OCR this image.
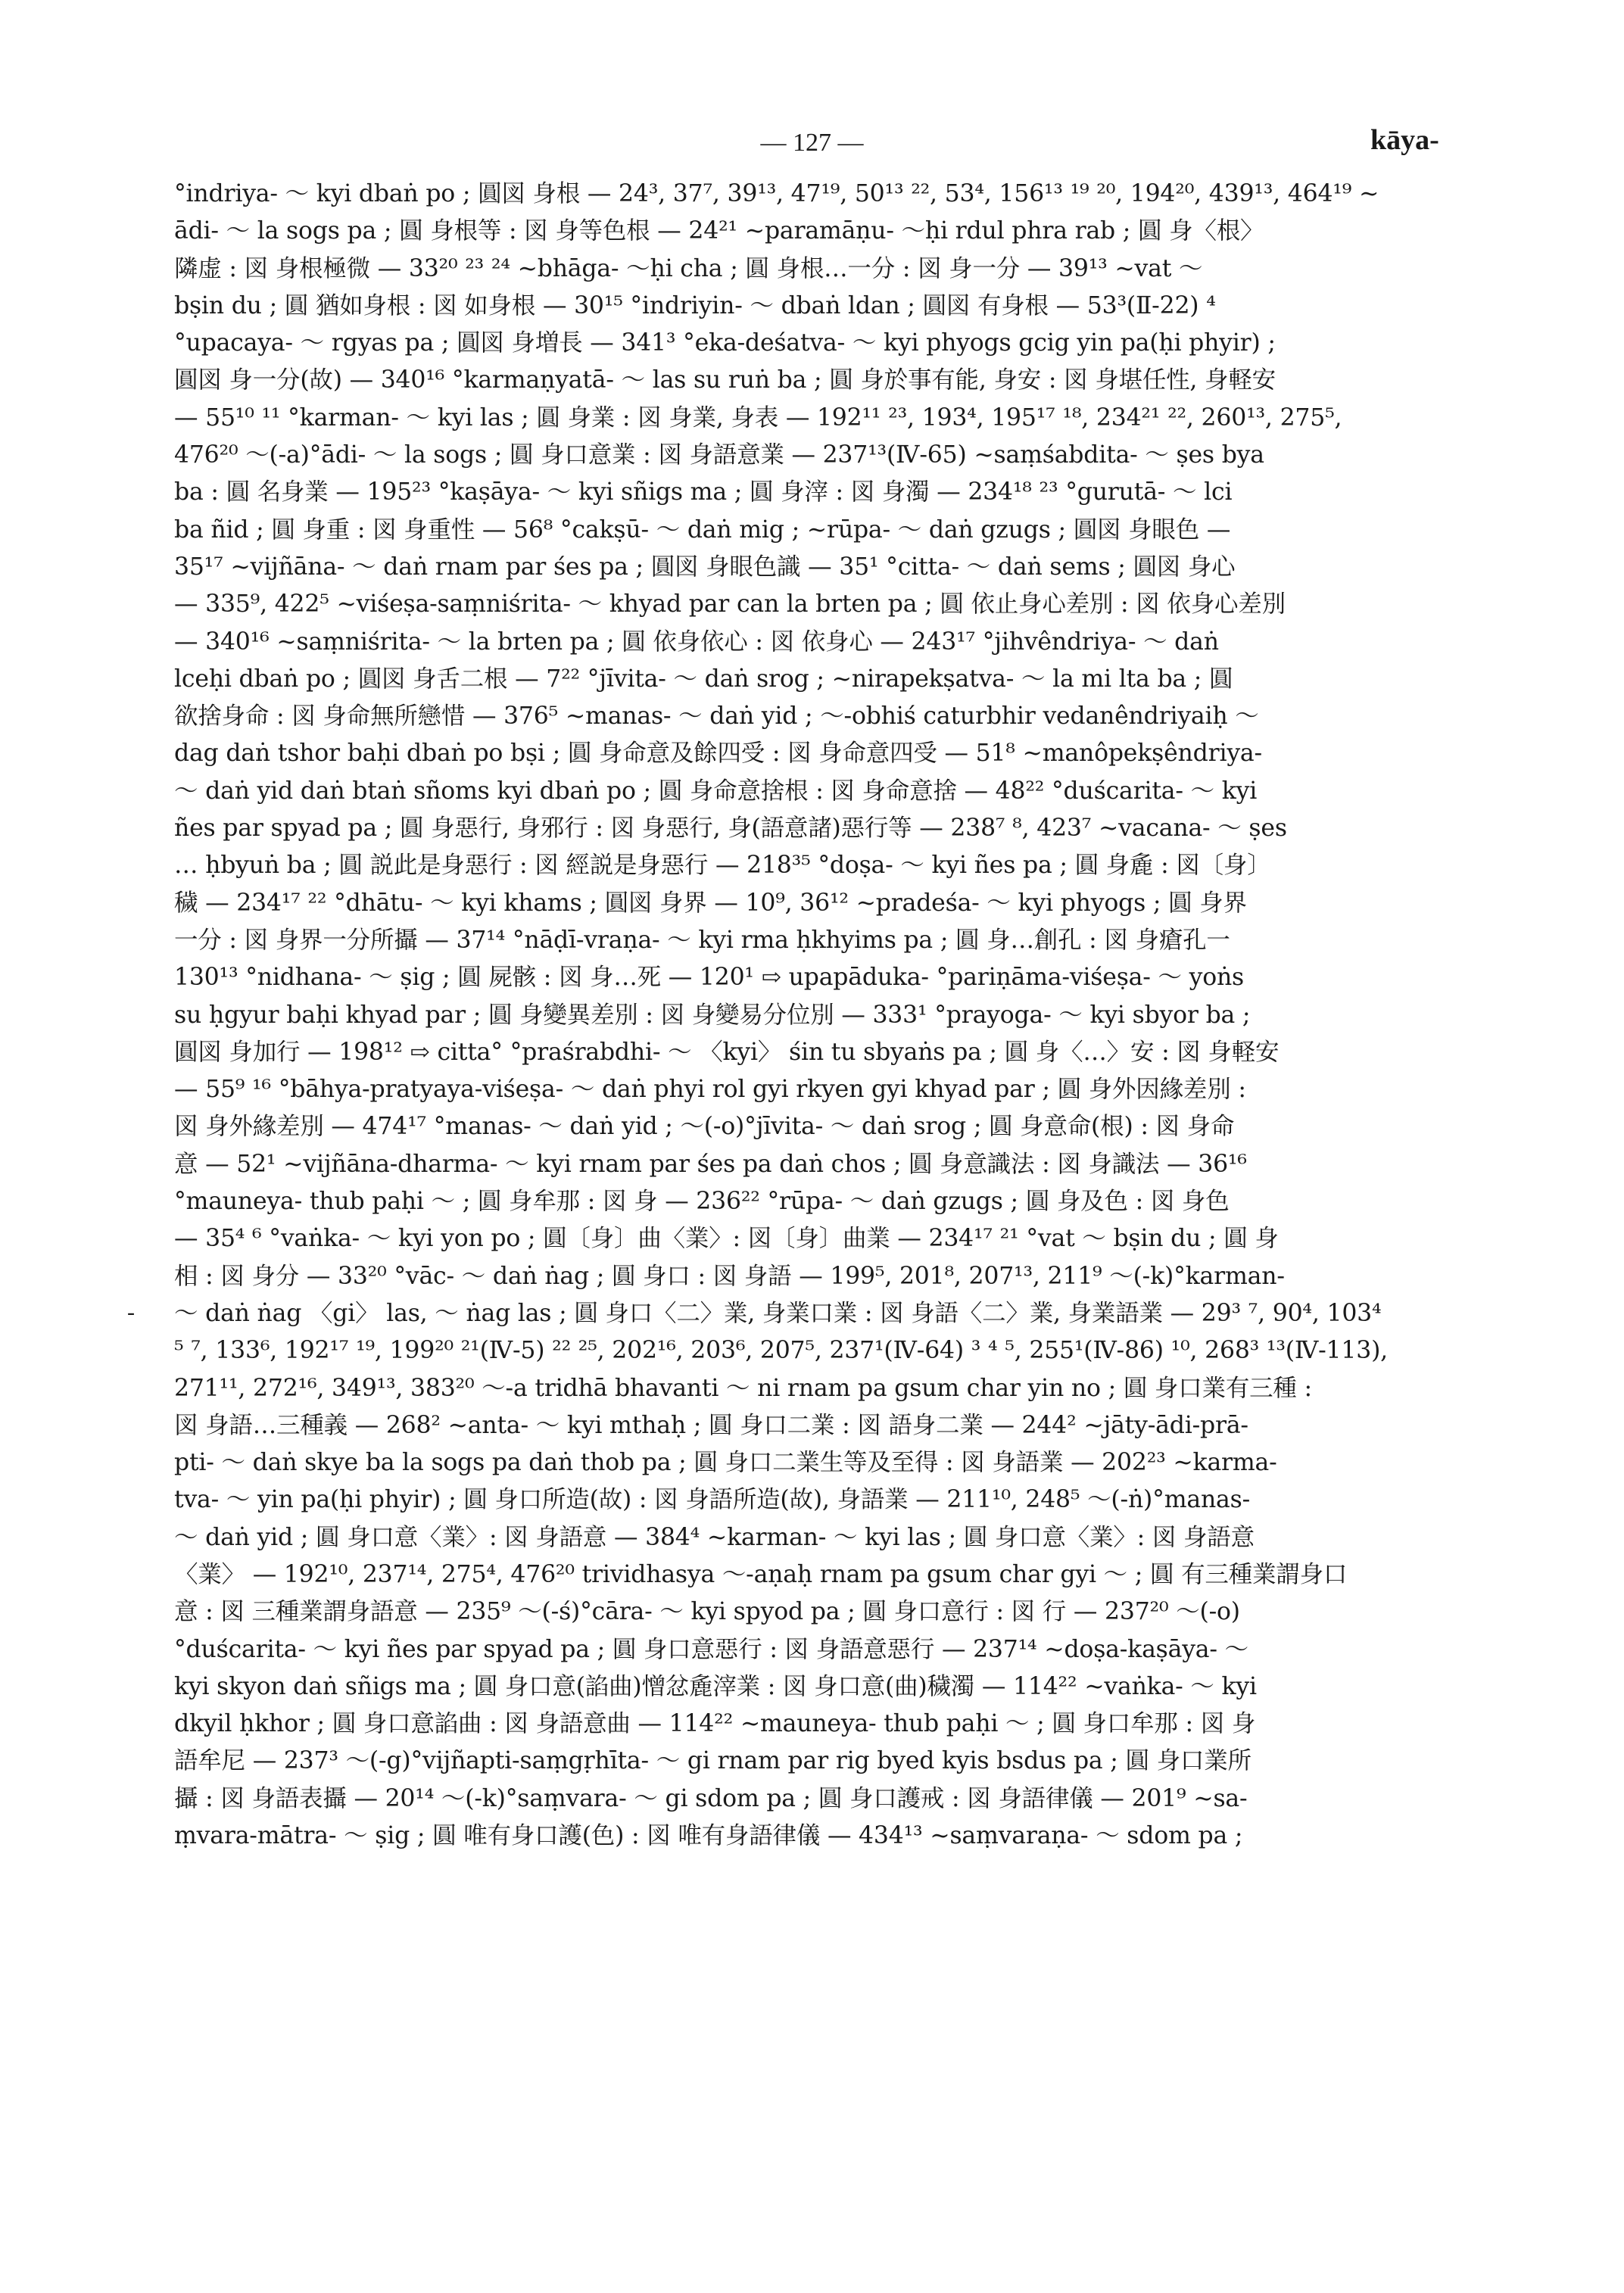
— 127 —	kāya-
-
°indriya- ～ kyi dbaṅ po ; 圓図 身根 — 24³, 37⁷, 39¹³, 47¹⁹, 50¹³ ²², 53⁴, 156¹³ ¹⁹ ²⁰, 194²⁰, 439¹³, 464¹⁹ ∼
ādi- ～ la sogs pa ; 圓 身根等 : 図 身等色根 — 24²¹ ∼paramāṇu- ～ḥi rdul phra rab ; 圓 身〈根〉
隣虚 : 図 身根極微 — 33²⁰ ²³ ²⁴ ∼bhāga- ～ḥi cha ; 圓 身根…一分 : 図 身一分 — 39¹³ ∼vat ～
bṣin du ; 圓 猶如身根 : 図 如身根 — 30¹⁵ °indriyin- ～ dbaṅ ldan ; 圓図 有身根 — 53³(Ⅱ-22) ⁴
°upacaya- ～ rgyas pa ; 圓図 身増長 — 341³ °eka-deśatva- ～ kyi phyogs gcig yin pa(ḥi phyir) ;
圓図 身一分(故) — 340¹⁶ °karmaṇyatā- ～ las su ruṅ ba ; 圓 身於事有能, 身安 : 図 身堪任性, 身軽安
— 55¹⁰ ¹¹ °karman- ～ kyi las ; 圓 身業 : 図 身業, 身表 — 192¹¹ ²³, 193⁴, 195¹⁷ ¹⁸, 234²¹ ²², 260¹³, 275⁵,
476²⁰ ～(-a)°ādi- ～ la sogs ; 圓 身口意業 : 図 身語意業 — 237¹³(Ⅳ-65) ∼saṃśabdita- ～ ṣes bya
ba : 圓 名身業 — 195²³ °kaṣāya- ～ kyi sñigs ma ; 圓 身滓 : 図 身濁 — 234¹⁸ ²³ °gurutā- ～ lci
ba ñid ; 圓 身重 : 図 身重性 — 56⁸ °cakṣū- ～ daṅ mig ; ∼rūpa- ～ daṅ gzugs ; 圓図 身眼色 —
35¹⁷ ∼vijñāna- ～ daṅ rnam par śes pa ; 圓図 身眼色識 — 35¹ °citta- ～ daṅ sems ; 圓図 身心
— 335⁹, 422⁵ ∼viśeṣa-saṃniśrita- ～ khyad par can la brten pa ; 圓 依止身心差別 : 図 依身心差別
— 340¹⁶ ∼saṃniśrita- ～ la brten pa ; 圓 依身依心 : 図 依身心 — 243¹⁷ °jihvêndriya- ～ daṅ
lceḥi dbaṅ po ; 圓図 身舌二根 — 7²² °jīvita- ～ daṅ srog ; ∼nirapekṣatva- ～ la mi lta ba ; 圓
欲捨身命 : 図 身命無所戀惜 — 376⁵ ∼manas- ～ daṅ yid ; ～-obhiś caturbhir vedanêndriyaiḥ ～
dag daṅ tshor baḥi dbaṅ po bṣi ; 圓 身命意及餘四受 : 図 身命意四受 — 51⁸ ∼manôpekṣêndriya-
～ daṅ yid daṅ btaṅ sñoms kyi dbaṅ po ; 圓 身命意捨根 : 図 身命意捨 — 48²² °duścarita- ～ kyi
ñes par spyad pa ; 圓 身惡行, 身邪行 : 図 身惡行, 身(語意諸)惡行等 — 238⁷ ⁸, 423⁷ ∼vacana- ～ ṣes
… ḥbyuṅ ba ; 圓 説此是身惡行 : 図 經説是身惡行 — 218³⁵ °doṣa- ～ kyi ñes pa ; 圓 身麁 : 図〔身〕
穢 — 234¹⁷ ²² °dhātu- ～ kyi khams ; 圓図 身界 — 10⁹, 36¹² ∼pradeśa- ～ kyi phyogs ; 圓 身界
一分 : 図 身界一分所攝 — 37¹⁴ °nāḍī-vraṇa- ～ kyi rma ḥkhyims pa ; 圓 身…創孔 : 図 身瘡孔一
130¹³ °nidhana- ～ ṣig ; 圓 屍骸 : 図 身…死 — 120¹ ⇨ upapāduka- °pariṇāma-viśeṣa- ～ yoṅs
su ḥgyur baḥi khyad par ; 圓 身變異差別 : 図 身變易分位別 — 333¹ °prayoga- ～ kyi sbyor ba ;
圓図 身加行 — 198¹² ⇨ citta° °praśrabdhi- ～ 〈kyi〉 śin tu sbyaṅs pa ; 圓 身〈…〉安 : 図 身軽安
— 55⁹ ¹⁶ °bāhya-pratyaya-viśeṣa- ～ daṅ phyi rol gyi rkyen gyi khyad par ; 圓 身外因緣差別 :
図 身外緣差別 — 474¹⁷ °manas- ～ daṅ yid ; ～(-o)°jīvita- ～ daṅ srog ; 圓 身意命(根) : 図 身命
意 — 52¹ ∼vijñāna-dharma- ～ kyi rnam par śes pa daṅ chos ; 圓 身意識法 : 図 身識法 — 36¹⁶
°mauneya- thub paḥi ～ ; 圓 身牟那 : 図 身 — 236²² °rūpa- ～ daṅ gzugs ; 圓 身及色 : 図 身色
— 35⁴ ⁶ °vaṅka- ～ kyi yon po ; 圓〔身〕曲〈業〉: 図〔身〕曲業 — 234¹⁷ ²¹ °vat ～ bṣin du ; 圓 身
相 : 図 身分 — 33²⁰ °vāc- ～ daṅ ṅag ; 圓 身口 : 図 身語 — 199⁵, 201⁸, 207¹³, 211⁹ ～(-k)°karman-
～ daṅ ṅag 〈gi〉 las, ～ ṅag las ; 圓 身口〈二〉業, 身業口業 : 図 身語〈二〉業, 身業語業 — 29³ ⁷, 90⁴, 103⁴
⁵ ⁷, 133⁶, 192¹⁷ ¹⁹, 199²⁰ ²¹(Ⅳ-5) ²² ²⁵, 202¹⁶, 203⁶, 207⁵, 237¹(Ⅳ-64) ³ ⁴ ⁵, 255¹(Ⅳ-86) ¹⁰, 268³ ¹³(Ⅳ-113),
271¹¹, 272¹⁶, 349¹³, 383²⁰ ～-a tridhā bhavanti ～ ni rnam pa gsum char yin no ; 圓 身口業有三種 :
図 身語…三種義 — 268² ∼anta- ～ kyi mthaḥ ; 圓 身口二業 : 図 語身二業 — 244² ∼jāty-ādi-prā-
pti- ～ daṅ skye ba la sogs pa daṅ thob pa ; 圓 身口二業生等及至得 : 図 身語業 — 202²³ ∼karma-
tva- ～ yin pa(ḥi phyir) ; 圓 身口所造(故) : 図 身語所造(故), 身語業 — 211¹⁰, 248⁵ ～(-ṅ)°manas-
～ daṅ yid ; 圓 身口意〈業〉: 図 身語意 — 384⁴ ∼karman- ～ kyi las ; 圓 身口意〈業〉: 図 身語意
〈業〉 — 192¹⁰, 237¹⁴, 275⁴, 476²⁰ trividhasya ～-aṇaḥ rnam pa gsum char gyi ～ ; 圓 有三種業謂身口
意 : 図 三種業謂身語意 — 235⁹ ～(-ś)°cāra- ～ kyi spyod pa ; 圓 身口意行 : 図 行 — 237²⁰ ～(-o)
°duścarita- ～ kyi ñes par spyad pa ; 圓 身口意惡行 : 図 身語意惡行 — 237¹⁴ ∼doṣa-kaṣāya- ～
kyi skyon daṅ sñigs ma ; 圓 身口意(諂曲)憎忿麁滓業 : 図 身口意(曲)穢濁 — 114²² ∼vaṅka- ～ kyi
dkyil ḥkhor ; 圓 身口意諂曲 : 図 身語意曲 — 114²² ∼mauneya- thub paḥi ～ ; 圓 身口牟那 : 図 身
語牟尼 — 237³ ～(-g)°vijñapti-saṃgṛhīta- ～ gi rnam par rig byed kyis bsdus pa ; 圓 身口業所
攝 : 図 身語表攝 — 20¹⁴ ～(-k)°saṃvara- ～ gi sdom pa ; 圓 身口護戒 : 図 身語律儀 — 201⁹ ∼sa-
ṃvara-mātra- ～ ṣig ; 圓 唯有身口護(色) : 図 唯有身語律儀 — 434¹³ ∼saṃvaraṇa- ～ sdom pa ;
